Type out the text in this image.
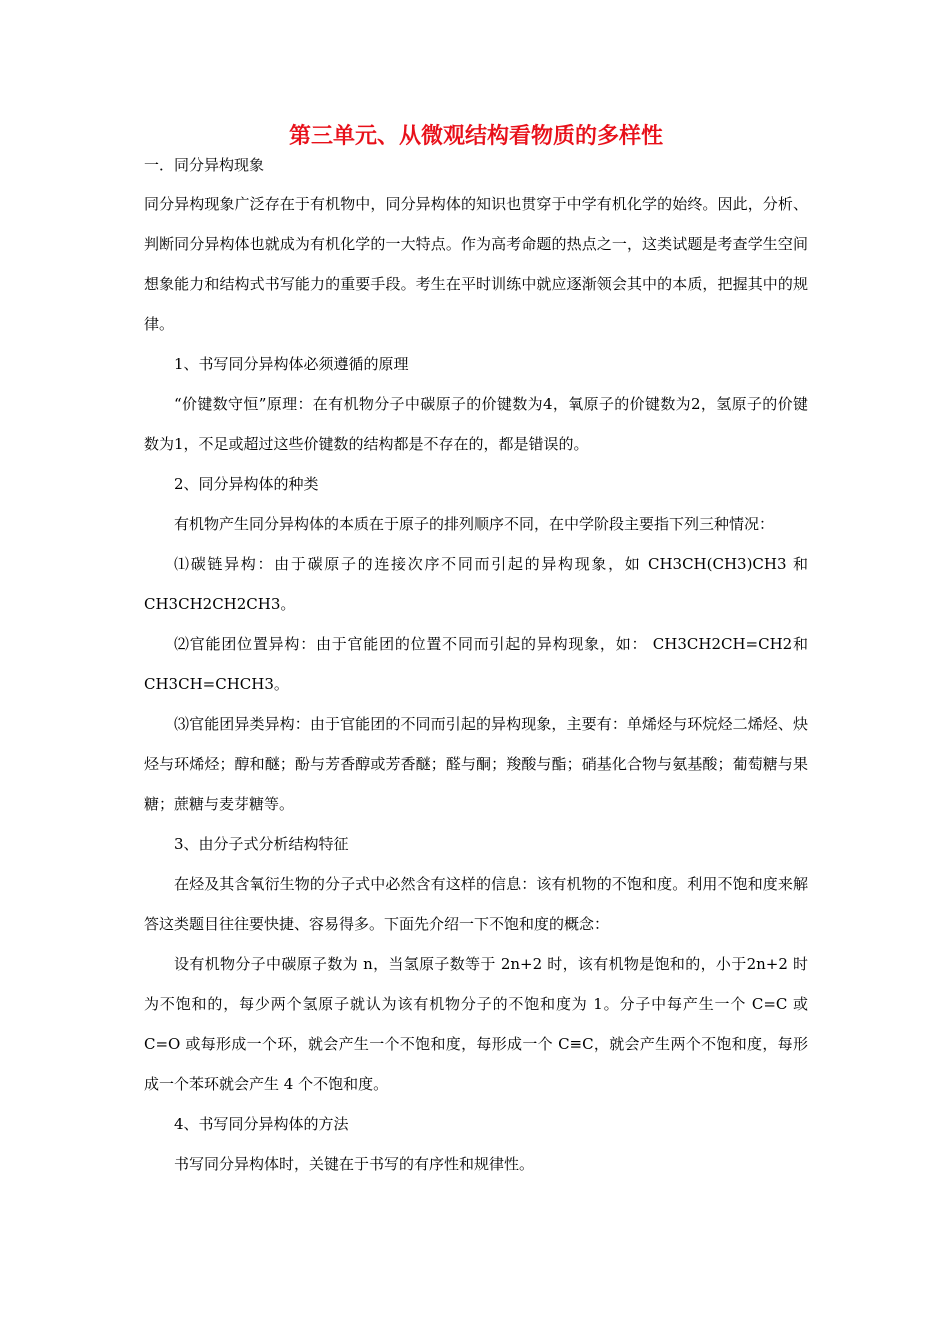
第三单元、从微观结构看物质的多样性
一．同分异构现象

同分异构现象广泛存在于有机物中，同分异构体的知识也贯穿于中学有机化学的始终。因此，分析、判断同分异构体也就成为有机化学的一大特点。作为高考命题的热点之一，这类试题是考查学生空间想象能力和结构式书写能力的重要手段。考生在平时训练中就应逐渐领会其中的本质，把握其中的规律。

1、书写同分异构体必须遵循的原理

“价键数守恒”原理：在有机物分子中碳原子的价键数为4，氧原子的价键数为2，氢原子的价键数为1，不足或超过这些价键数的结构都是不存在的，都是错误的。

2、同分异构体的种类

有机物产生同分异构体的本质在于原子的排列顺序不同，在中学阶段主要指下列三种情况：

⑴碳链异构：由于碳原子的连接次序不同而引起的异构现象，如 CH3CH(CH3)CH3 和CH3CH2CH2CH3。

⑵官能团位置异构：由于官能团的位置不同而引起的异构现象，如： CH3CH2CH=CH2和 CH3CH=CHCH3。

⑶官能团异类异构：由于官能团的不同而引起的异构现象，主要有：单烯烃与环烷烃二烯烃、炔烃与环烯烃；醇和醚；酚与芳香醇或芳香醚；醛与酮；羧酸与酯；硝基化合物与氨基酸；葡萄糖与果糖；蔗糖与麦芽糖等。

3、由分子式分析结构特征

在烃及其含氧衍生物的分子式中必然含有这样的信息：该有机物的不饱和度。利用不饱和度来解答这类题目往往要快捷、容易得多。下面先介绍一下不饱和度的概念：

设有机物分子中碳原子数为 n，当氢原子数等于 2n+2 时，该有机物是饱和的，小于2n+2 时为不饱和的，每少两个氢原子就认为该有机物分子的不饱和度为 1。分子中每产生一个 C=C 或 C=O 或每形成一个环，就会产生一个不饱和度，每形成一个 C≡C，就会产生两个不饱和度，每形成一个苯环就会产生 4 个不饱和度。

4、书写同分异构体的方法

书写同分异构体时，关键在于书写的有序性和规律性。
